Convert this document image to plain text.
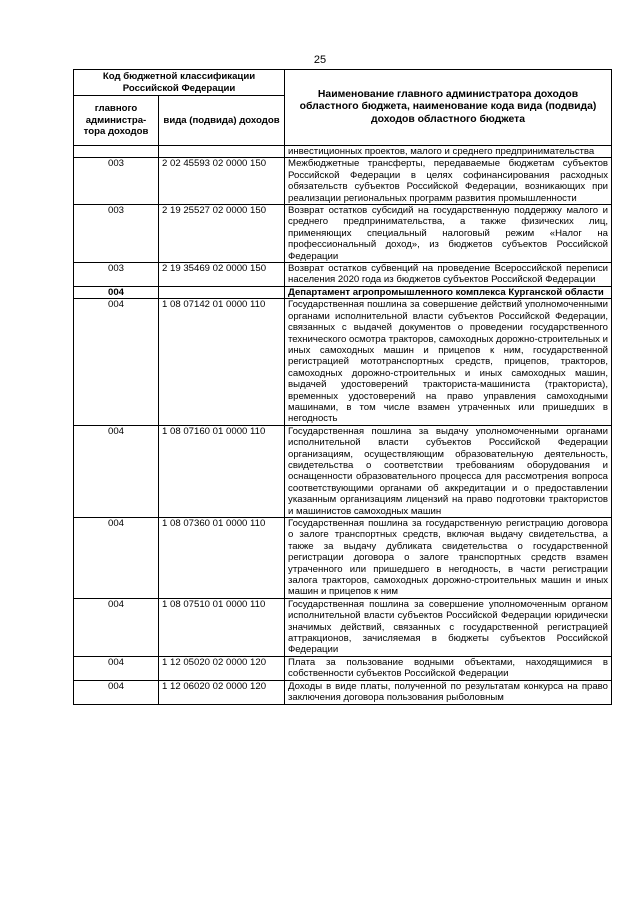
25
Код бюджетной классификации Российской Федерации		Наименование главного администратора доходов областного бюджета, наименование кода вида (подвида) доходов областного бюджета
главного администра-тора доходов	вида (подвида) доходов	
		инвестиционных проектов, малого и среднего предпринимательства
003	2 02 45593 02 0000 150	Межбюджетные трансферты, передаваемые бюджетам субъектов Российской Федерации в целях софинансирования расходных обязательств субъектов Российской Федерации, возникающих при реализации региональных программ развития промышленности
003	2 19 25527 02 0000 150	Возврат остатков субсидий на государственную поддержку малого и среднего предпринимательства, а также физических лиц, применяющих специальный налоговый режим «Налог на профессиональный доход», из бюджетов субъектов Российской Федерации
003	2 19 35469 02 0000 150	Возврат остатков субвенций на проведение Всероссийской переписи населения 2020 года из бюджетов субъектов Российской Федерации
004		Департамент агропромышленного комплекса Курганской области
004	1 08 07142 01 0000 110	Государственная пошлина за совершение действий уполномоченными органами исполнительной власти субъектов Российской Федерации, связанных с выдачей документов о проведении государственного технического осмотра тракторов, самоходных дорожно-строительных и иных самоходных машин и прицепов к ним, государственной регистрацией мототранспортных средств, прицепов, тракторов, самоходных дорожно-строительных и иных самоходных машин, выдачей удостоверений тракториста-машиниста (тракториста), временных удостоверений на право управления самоходными машинами, в том числе взамен утраченных или пришедших в негодность
004	1 08 07160 01 0000 110	Государственная пошлина за выдачу уполномоченными органами исполнительной власти субъектов Российской Федерации организациям, осуществляющим образовательную деятельность, свидетельства о соответствии требованиям оборудования и оснащенности образовательного процесса для рассмотрения вопроса соответствующими органами об аккредитации и о предоставлении указанным организациям лицензий на право подготовки трактористов и машинистов самоходных машин
004	1 08 07360 01 0000 110	Государственная пошлина за государственную регистрацию договора о залоге транспортных средств, включая выдачу свидетельства, а также за выдачу дубликата свидетельства о государственной регистрации договора о залоге транспортных средств взамен утраченного или пришедшего в негодность, в части регистрации залога тракторов, самоходных дорожно-строительных машин и иных машин и прицепов к ним
004	1 08 07510 01 0000 110	Государственная пошлина за совершение уполномоченным органом исполнительной власти субъектов Российской Федерации юридически значимых действий, связанных с государственной регистрацией аттракционов, зачисляемая в бюджеты субъектов Российской Федерации
004	1 12 05020 02 0000 120	Плата за пользование водными объектами, находящимися в собственности субъектов Российской Федерации
004	1 12 06020 02 0000 120	Доходы в виде платы, полученной по результатам конкурса на право заключения договора пользования рыболовным
